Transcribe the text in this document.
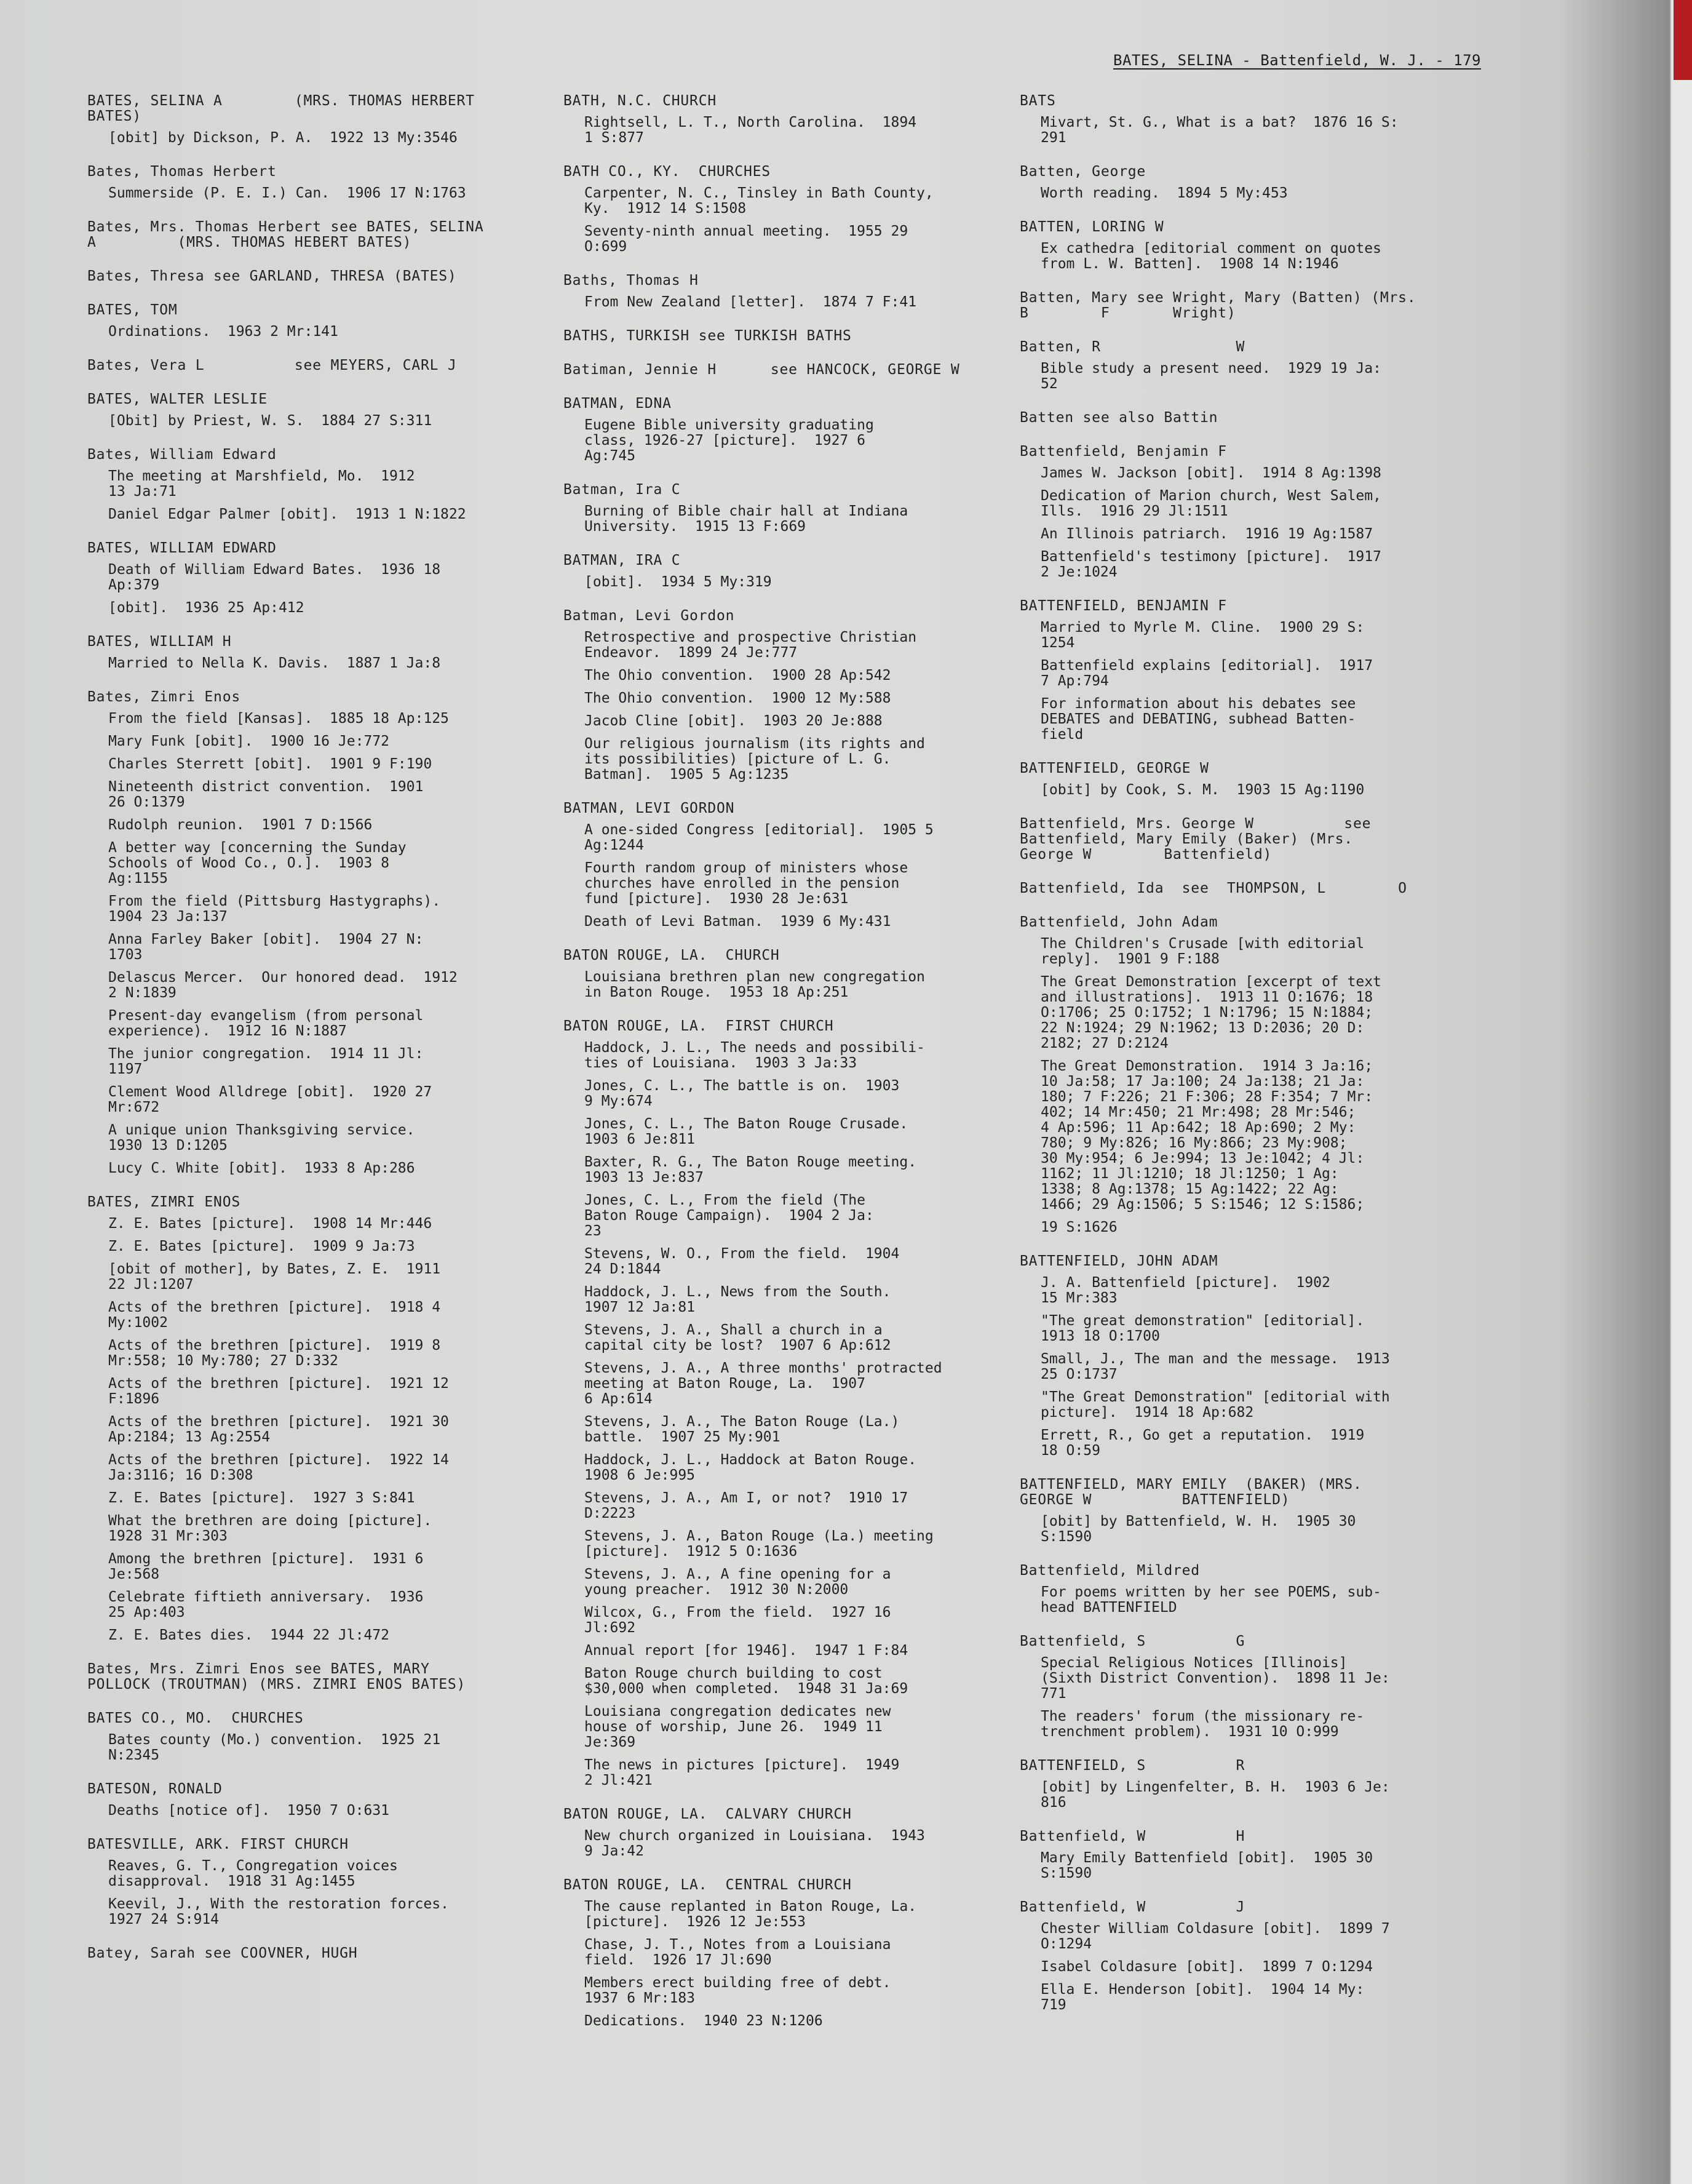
BATES, SELINA - Battenfield, W. J. - 179
BATES, SELINA A        (MRS. THOMAS HERBERT
BATES)
[obit] by Dickson, P. A.  1922 13 My:3546
Bates, Thomas Herbert
Summerside (P. E. I.) Can.  1906 17 N:1763
Bates, Mrs. Thomas Herbert see BATES, SELINA
A         (MRS. THOMAS HEBERT BATES)
Bates, Thresa see GARLAND, THRESA (BATES)
BATES, TOM
Ordinations.  1963 2 Mr:141
Bates, Vera L          see MEYERS, CARL J
BATES, WALTER LESLIE
[Obit] by Priest, W. S.  1884 27 S:311
Bates, William Edward
The meeting at Marshfield, Mo.  1912
13 Ja:71
Daniel Edgar Palmer [obit].  1913 1 N:1822
BATES, WILLIAM EDWARD
Death of William Edward Bates.  1936 18
Ap:379
[obit].  1936 25 Ap:412
BATES, WILLIAM H
Married to Nella K. Davis.  1887 1 Ja:8
Bates, Zimri Enos
From the field [Kansas].  1885 18 Ap:125
Mary Funk [obit].  1900 16 Je:772
Charles Sterrett [obit].  1901 9 F:190
Nineteenth district convention.  1901
26 O:1379
Rudolph reunion.  1901 7 D:1566
A better way [concerning the Sunday
Schools of Wood Co., O.].  1903 8
Ag:1155
From the field (Pittsburg Hastygraphs).
1904 23 Ja:137
Anna Farley Baker [obit].  1904 27 N:
1703
Delascus Mercer.  Our honored dead.  1912
2 N:1839
Present-day evangelism (from personal
experience).  1912 16 N:1887
The junior congregation.  1914 11 Jl:
1197
Clement Wood Alldrege [obit].  1920 27
Mr:672
A unique union Thanksgiving service.
1930 13 D:1205
Lucy C. White [obit].  1933 8 Ap:286
BATES, ZIMRI ENOS
Z. E. Bates [picture].  1908 14 Mr:446
Z. E. Bates [picture].  1909 9 Ja:73
[obit of mother], by Bates, Z. E.  1911
22 Jl:1207
Acts of the brethren [picture].  1918 4
My:1002
Acts of the brethren [picture].  1919 8
Mr:558; 10 My:780; 27 D:332
Acts of the brethren [picture].  1921 12
F:1896
Acts of the brethren [picture].  1921 30
Ap:2184; 13 Ag:2554
Acts of the brethren [picture].  1922 14
Ja:3116; 16 D:308
Z. E. Bates [picture].  1927 3 S:841
What the brethren are doing [picture].
1928 31 Mr:303
Among the brethren [picture].  1931 6
Je:568
Celebrate fiftieth anniversary.  1936
25 Ap:403
Z. E. Bates dies.  1944 22 Jl:472
Bates, Mrs. Zimri Enos see BATES, MARY
POLLOCK (TROUTMAN) (MRS. ZIMRI ENOS BATES)
BATES CO., MO.  CHURCHES
Bates county (Mo.) convention.  1925 21
N:2345
BATESON, RONALD
Deaths [notice of].  1950 7 O:631
BATESVILLE, ARK. FIRST CHURCH
Reaves, G. T., Congregation voices
disapproval.  1918 31 Ag:1455
Keevil, J., With the restoration forces.
1927 24 S:914
Batey, Sarah see COOVNER, HUGH
BATH, N.C. CHURCH
Rightsell, L. T., North Carolina.  1894
1 S:877
BATH CO., KY.  CHURCHES
Carpenter, N. C., Tinsley in Bath County,
Ky.  1912 14 S:1508
Seventy-ninth annual meeting.  1955 29
O:699
Baths, Thomas H
From New Zealand [letter].  1874 7 F:41
BATHS, TURKISH see TURKISH BATHS
Batiman, Jennie H      see HANCOCK, GEORGE W
BATMAN, EDNA
Eugene Bible university graduating
class, 1926-27 [picture].  1927 6
Ag:745
Batman, Ira C
Burning of Bible chair hall at Indiana
University.  1915 13 F:669
BATMAN, IRA C
[obit].  1934 5 My:319
Batman, Levi Gordon
Retrospective and prospective Christian
Endeavor.  1899 24 Je:777
The Ohio convention.  1900 28 Ap:542
The Ohio convention.  1900 12 My:588
Jacob Cline [obit].  1903 20 Je:888
Our religious journalism (its rights and
its possibilities) [picture of L. G.
Batman].  1905 5 Ag:1235
BATMAN, LEVI GORDON
A one-sided Congress [editorial].  1905 5
Ag:1244
Fourth random group of ministers whose
churches have enrolled in the pension
fund [picture].  1930 28 Je:631
Death of Levi Batman.  1939 6 My:431
BATON ROUGE, LA.  CHURCH
Louisiana brethren plan new congregation
in Baton Rouge.  1953 18 Ap:251
BATON ROUGE, LA.  FIRST CHURCH
Haddock, J. L., The needs and possibili-
ties of Louisiana.  1903 3 Ja:33
Jones, C. L., The battle is on.  1903
9 My:674
Jones, C. L., The Baton Rouge Crusade.
1903 6 Je:811
Baxter, R. G., The Baton Rouge meeting.
1903 13 Je:837
Jones, C. L., From the field (The
Baton Rouge Campaign).  1904 2 Ja:
23
Stevens, W. O., From the field.  1904
24 D:1844
Haddock, J. L., News from the South.
1907 12 Ja:81
Stevens, J. A., Shall a church in a
capital city be lost?  1907 6 Ap:612
Stevens, J. A., A three months' protracted
meeting at Baton Rouge, La.  1907
6 Ap:614
Stevens, J. A., The Baton Rouge (La.)
battle.  1907 25 My:901
Haddock, J. L., Haddock at Baton Rouge.
1908 6 Je:995
Stevens, J. A., Am I, or not?  1910 17
D:2223
Stevens, J. A., Baton Rouge (La.) meeting
[picture].  1912 5 O:1636
Stevens, J. A., A fine opening for a
young preacher.  1912 30 N:2000
Wilcox, G., From the field.  1927 16
Jl:692
Annual report [for 1946].  1947 1 F:84
Baton Rouge church building to cost
$30,000 when completed.  1948 31 Ja:69
Louisiana congregation dedicates new
house of worship, June 26.  1949 11
Je:369
The news in pictures [picture].  1949
2 Jl:421
BATON ROUGE, LA.  CALVARY CHURCH
New church organized in Louisiana.  1943
9 Ja:42
BATON ROUGE, LA.  CENTRAL CHURCH
The cause replanted in Baton Rouge, La.
[picture].  1926 12 Je:553
Chase, J. T., Notes from a Louisiana
field.  1926 17 Jl:690
Members erect building free of debt.
1937 6 Mr:183
Dedications.  1940 23 N:1206
BATS
Mivart, St. G., What is a bat?  1876 16 S:
291
Batten, George
Worth reading.  1894 5 My:453
BATTEN, LORING W
Ex cathedra [editorial comment on quotes
from L. W. Batten].  1908 14 N:1946
Batten, Mary see Wright, Mary (Batten) (Mrs.
B        F       Wright)
Batten, R               W
Bible study a present need.  1929 19 Ja:
52
Batten see also Battin
Battenfield, Benjamin F
James W. Jackson [obit].  1914 8 Ag:1398
Dedication of Marion church, West Salem,
Ills.  1916 29 Jl:1511
An Illinois patriarch.  1916 19 Ag:1587
Battenfield's testimony [picture].  1917
2 Je:1024
BATTENFIELD, BENJAMIN F
Married to Myrle M. Cline.  1900 29 S:
1254
Battenfield explains [editorial].  1917
7 Ap:794
For information about his debates see
DEBATES and DEBATING, subhead Batten-
field
BATTENFIELD, GEORGE W
[obit] by Cook, S. M.  1903 15 Ag:1190
Battenfield, Mrs. George W          see
Battenfield, Mary Emily (Baker) (Mrs.
George W        Battenfield)
Battenfield, Ida  see  THOMPSON, L        O
Battenfield, John Adam
The Children's Crusade [with editorial
reply].  1901 9 F:188
The Great Demonstration [excerpt of text
and illustrations].  1913 11 O:1676; 18
O:1706; 25 O:1752; 1 N:1796; 15 N:1884;
22 N:1924; 29 N:1962; 13 D:2036; 20 D:
2182; 27 D:2124
The Great Demonstration.  1914 3 Ja:16;
10 Ja:58; 17 Ja:100; 24 Ja:138; 21 Ja:
180; 7 F:226; 21 F:306; 28 F:354; 7 Mr:
402; 14 Mr:450; 21 Mr:498; 28 Mr:546;
4 Ap:596; 11 Ap:642; 18 Ap:690; 2 My:
780; 9 My:826; 16 My:866; 23 My:908;
30 My:954; 6 Je:994; 13 Je:1042; 4 Jl:
1162; 11 Jl:1210; 18 Jl:1250; 1 Ag:
1338; 8 Ag:1378; 15 Ag:1422; 22 Ag:
1466; 29 Ag:1506; 5 S:1546; 12 S:1586;
19 S:1626
BATTENFIELD, JOHN ADAM
J. A. Battenfield [picture].  1902
15 Mr:383
"The great demonstration" [editorial].
1913 18 O:1700
Small, J., The man and the message.  1913
25 O:1737
"The Great Demonstration" [editorial with
picture].  1914 18 Ap:682
Errett, R., Go get a reputation.  1919
18 O:59
BATTENFIELD, MARY EMILY  (BAKER) (MRS.
GEORGE W          BATTENFIELD)
[obit] by Battenfield, W. H.  1905 30
S:1590
Battenfield, Mildred
For poems written by her see POEMS, sub-
head BATTENFIELD
Battenfield, S          G
Special Religious Notices [Illinois]
(Sixth District Convention).  1898 11 Je:
771
The readers' forum (the missionary re-
trenchment problem).  1931 10 O:999
BATTENFIELD, S          R
[obit] by Lingenfelter, B. H.  1903 6 Je:
816
Battenfield, W          H
Mary Emily Battenfield [obit].  1905 30
S:1590
Battenfield, W          J
Chester William Coldasure [obit].  1899 7
O:1294
Isabel Coldasure [obit].  1899 7 O:1294
Ella E. Henderson [obit].  1904 14 My:
719
